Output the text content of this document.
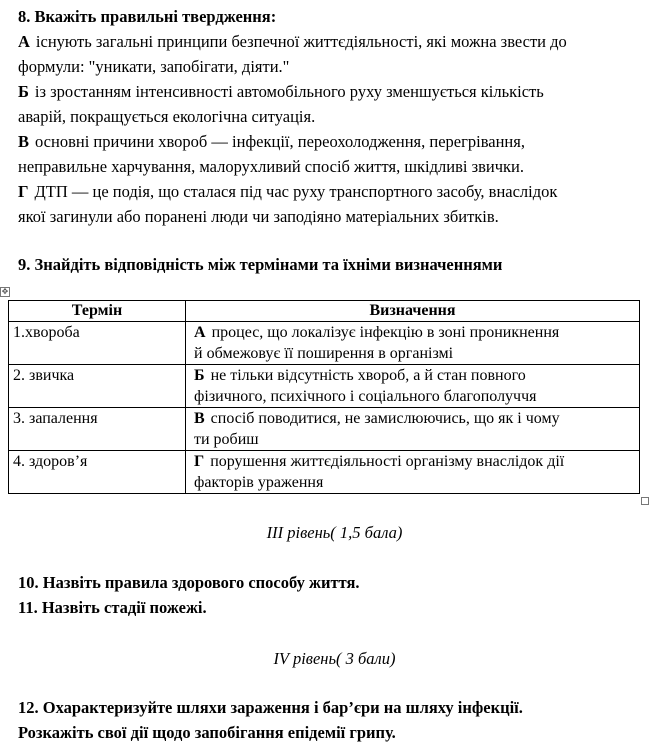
8. Вкажіть правильні твердження:

А існують загальні принципи безпечної життєдіяльності, які можна звести до
формули: "уникати, запобігати, діяти."
Б із зростанням інтенсивності автомобільного руху зменшується кількість
аварій, покращується екологічна ситуація.
В основні причини хвороб — інфекції, переохолодження, перегрівання,
неправильне харчування, малорухливий спосіб життя, шкідливі звички.
Г ДТП — це подія, що сталася під час руху транспортного засобу, внаслідок
якої загинули або поранені люди чи заподіяно матеріальних збитків.

9. Знайдіть відповідність між термінами та їхніми визначеннями

✥
Термін	Визначення
1.хвороба	А процес, що локалізує інфекцію в зоні проникнення
й обмежовує її поширення в організмі
2. звичка	Б не тільки відсутність хвороб, а й стан повного
фізичного, психічного і соціального благополуччя
3. запалення	В спосіб поводитися, не замислюючись, що як і чому
ти робиш
4. здоров’я	Г порушення життєдіяльності організму внаслідок дії
факторів ураження
ІІІ рівень( 1,5 бала)

10. Назвіть правила здорового способу життя.

11. Назвіть стадії пожежі.

IV рівень( 3 бали)

12. Охарактеризуйте шляхи зараження і бар’єри на шляху інфекції.

Розкажіть свої дії щодо запобігання епідемії грипу.
